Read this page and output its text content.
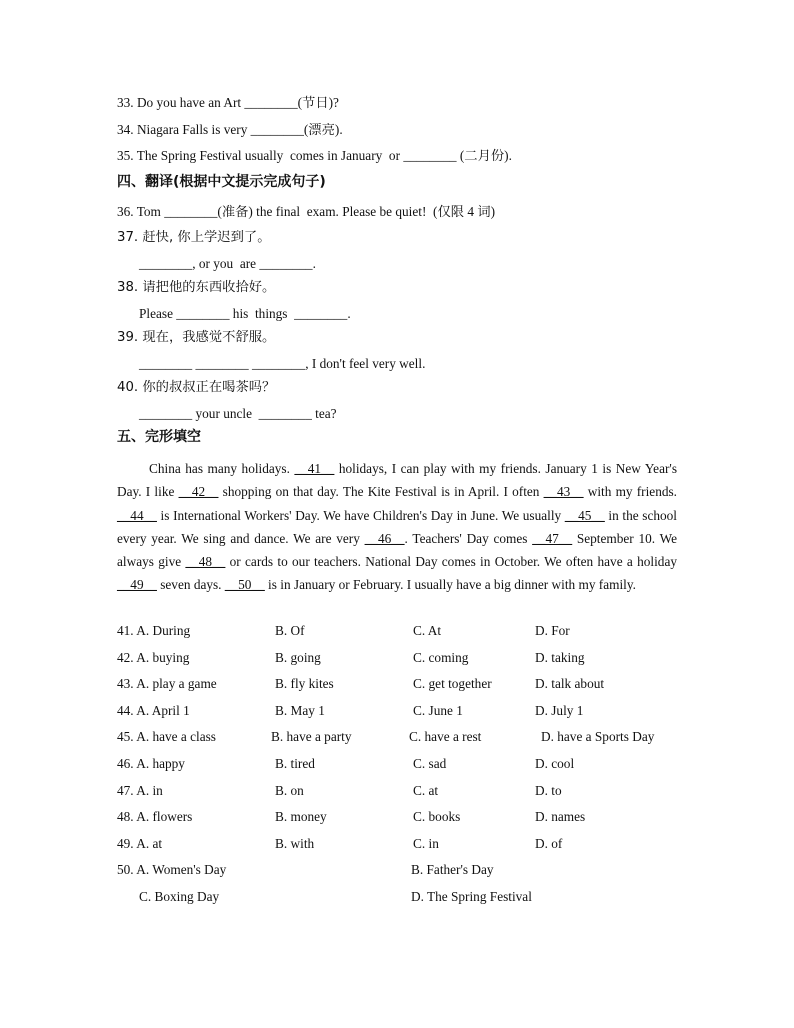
33. Do you have an Art ________(节日)?
34. Niagara Falls is very ________(漂亮).
35. The Spring Festival usually  comes in January  or ________ (二月份).
四、翻译(根据中文提示完成句子)
36. Tom ________(准备) the final  exam. Please be quiet!  (仅限 4 词)
37. 赶快, 你上学迟到了。
________, or you  are ________.
38. 请把他的东西收拾好。
Please ________ his  things  ________.
39. 现在，我感觉不舒服。
________ ________ ________, I don't feel very well.
40. 你的叔叔正在喝茶吗？
________ your uncle  ________ tea?
五、完形填空
China has many holidays. __41__ holidays, I can play with my friends. January 1 is New Year's Day. I like __42__ shopping on that day. The Kite Festival is in April. I often __43__ with my friends. __44__ is International Workers' Day. We have Children's Day in June. We usually __45__ in the school every year. We sing and dance. We are very __46__. Teachers' Day comes __47__ September 10. We always give __48__ or cards to our teachers. National Day comes in October. We often have a holiday __49__ seven days. __50__ is in January or February. I usually have a big dinner with my family.
41. A. During	B. Of	C. At	D. For
42. A. buying	B. going	C. coming	D. taking
43. A. play a game	B. fly kites	C. get together	D. talk about
44. A. April 1	B. May 1	C. June 1	D. July 1
45. A. have a class	B. have a party	C. have a rest	D. have a Sports Day
46. A. happy	B. tired	C. sad	D. cool
47. A. in	B. on	C. at	D. to
48. A. flowers	B. money	C. books	D. names
49. A. at	B. with	C. in	D. of
50. A. Women's Day	B. Father's Day
C. Boxing Day	D. The Spring Festival
